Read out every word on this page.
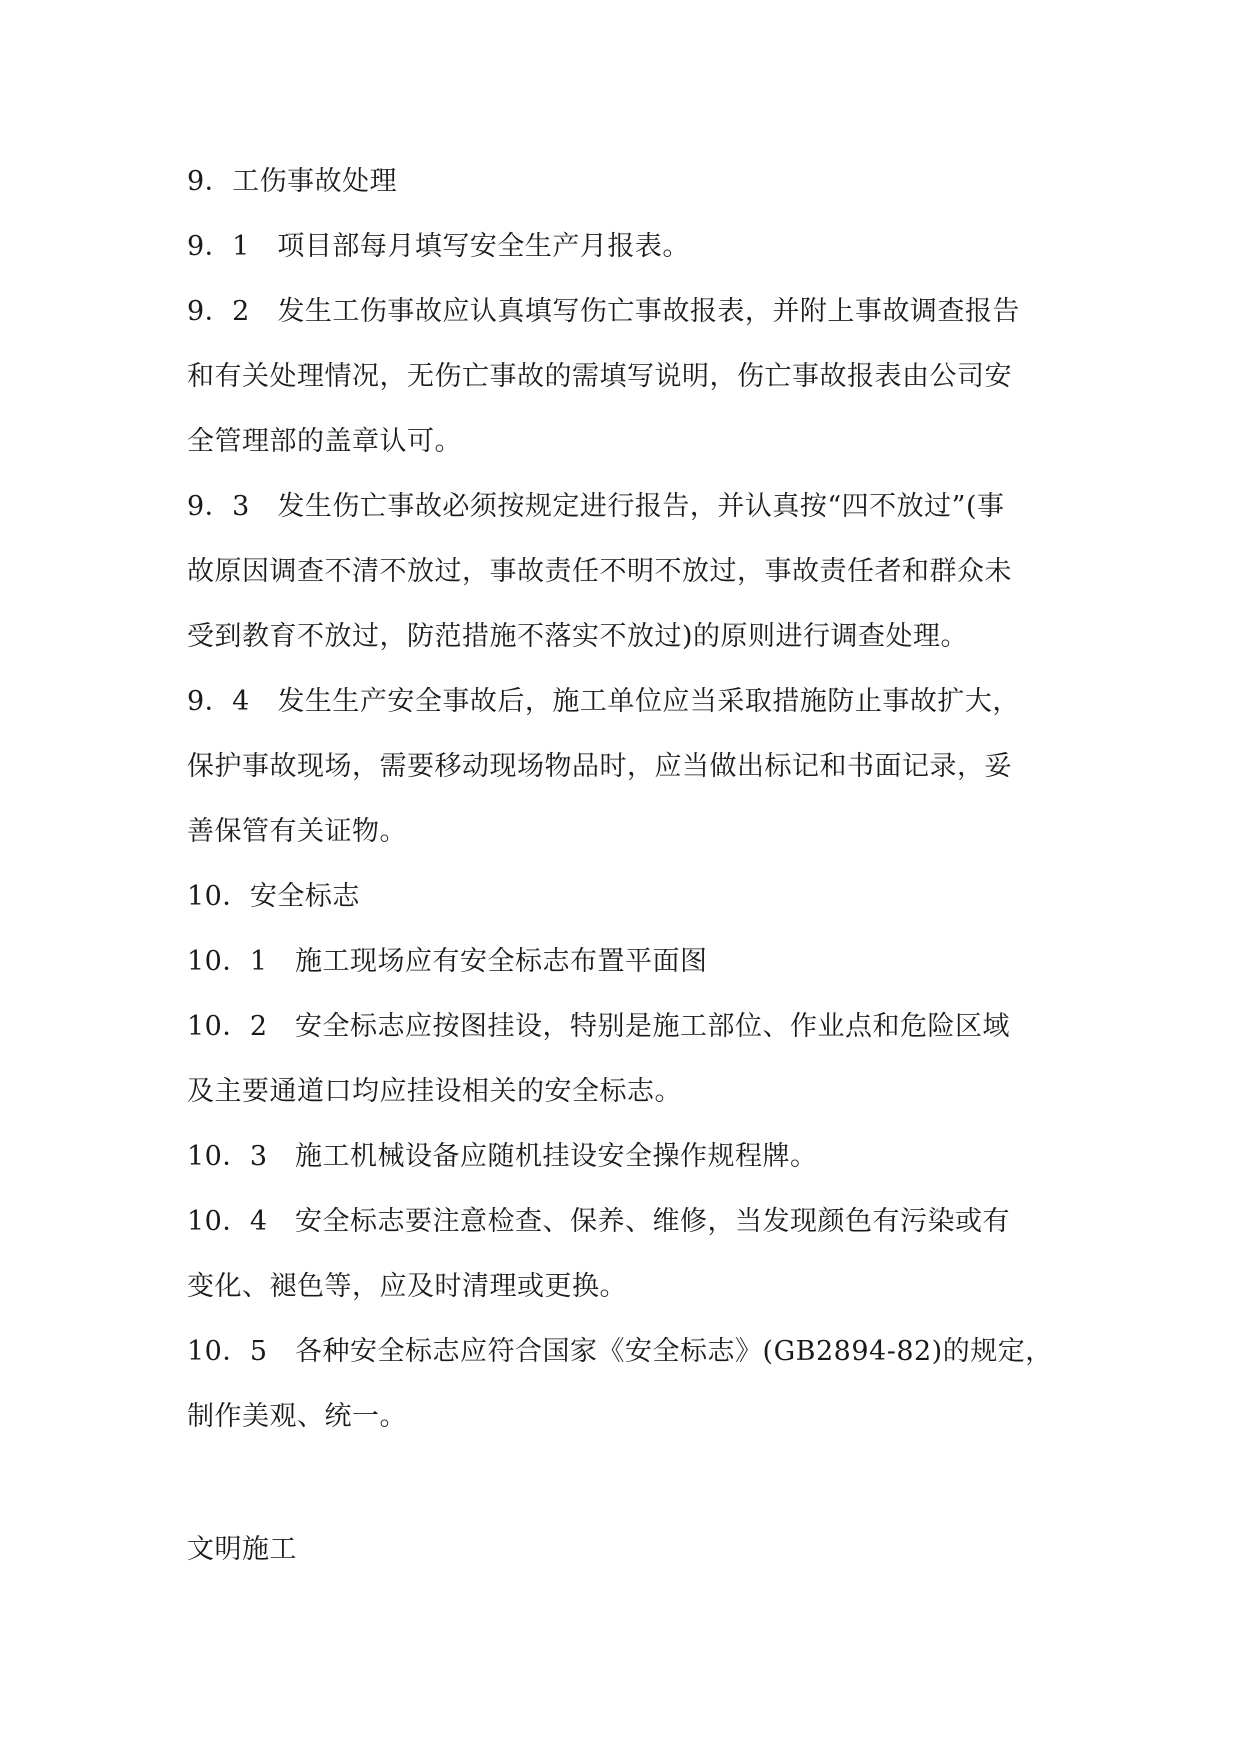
9．工伤事故处理
9．1　项目部每月填写安全生产月报表。
9．2　发生工伤事故应认真填写伤亡事故报表，并附上事故调查报告
和有关处理情况，无伤亡事故的需填写说明，伤亡事故报表由公司安
全管理部的盖章认可。
9．3　发生伤亡事故必须按规定进行报告，并认真按“四不放过”(事
故原因调查不清不放过，事故责任不明不放过，事故责任者和群众未
受到教育不放过，防范措施不落实不放过)的原则进行调查处理。
9．4　发生生产安全事故后，施工单位应当采取措施防止事故扩大，
保护事故现场，需要移动现场物品时，应当做出标记和书面记录，妥
善保管有关证物。
10．安全标志
10．1　施工现场应有安全标志布置平面图
10．2　安全标志应按图挂设，特别是施工部位、作业点和危险区域
及主要通道口均应挂设相关的安全标志。
10．3　施工机械设备应随机挂设安全操作规程牌。
10．4　安全标志要注意检查、保养、维修，当发现颜色有污染或有
变化、褪色等，应及时清理或更换。
10．5　各种安全标志应符合国家《安全标志》(GB2894-82)的规定，
制作美观、统一。
文明施工
